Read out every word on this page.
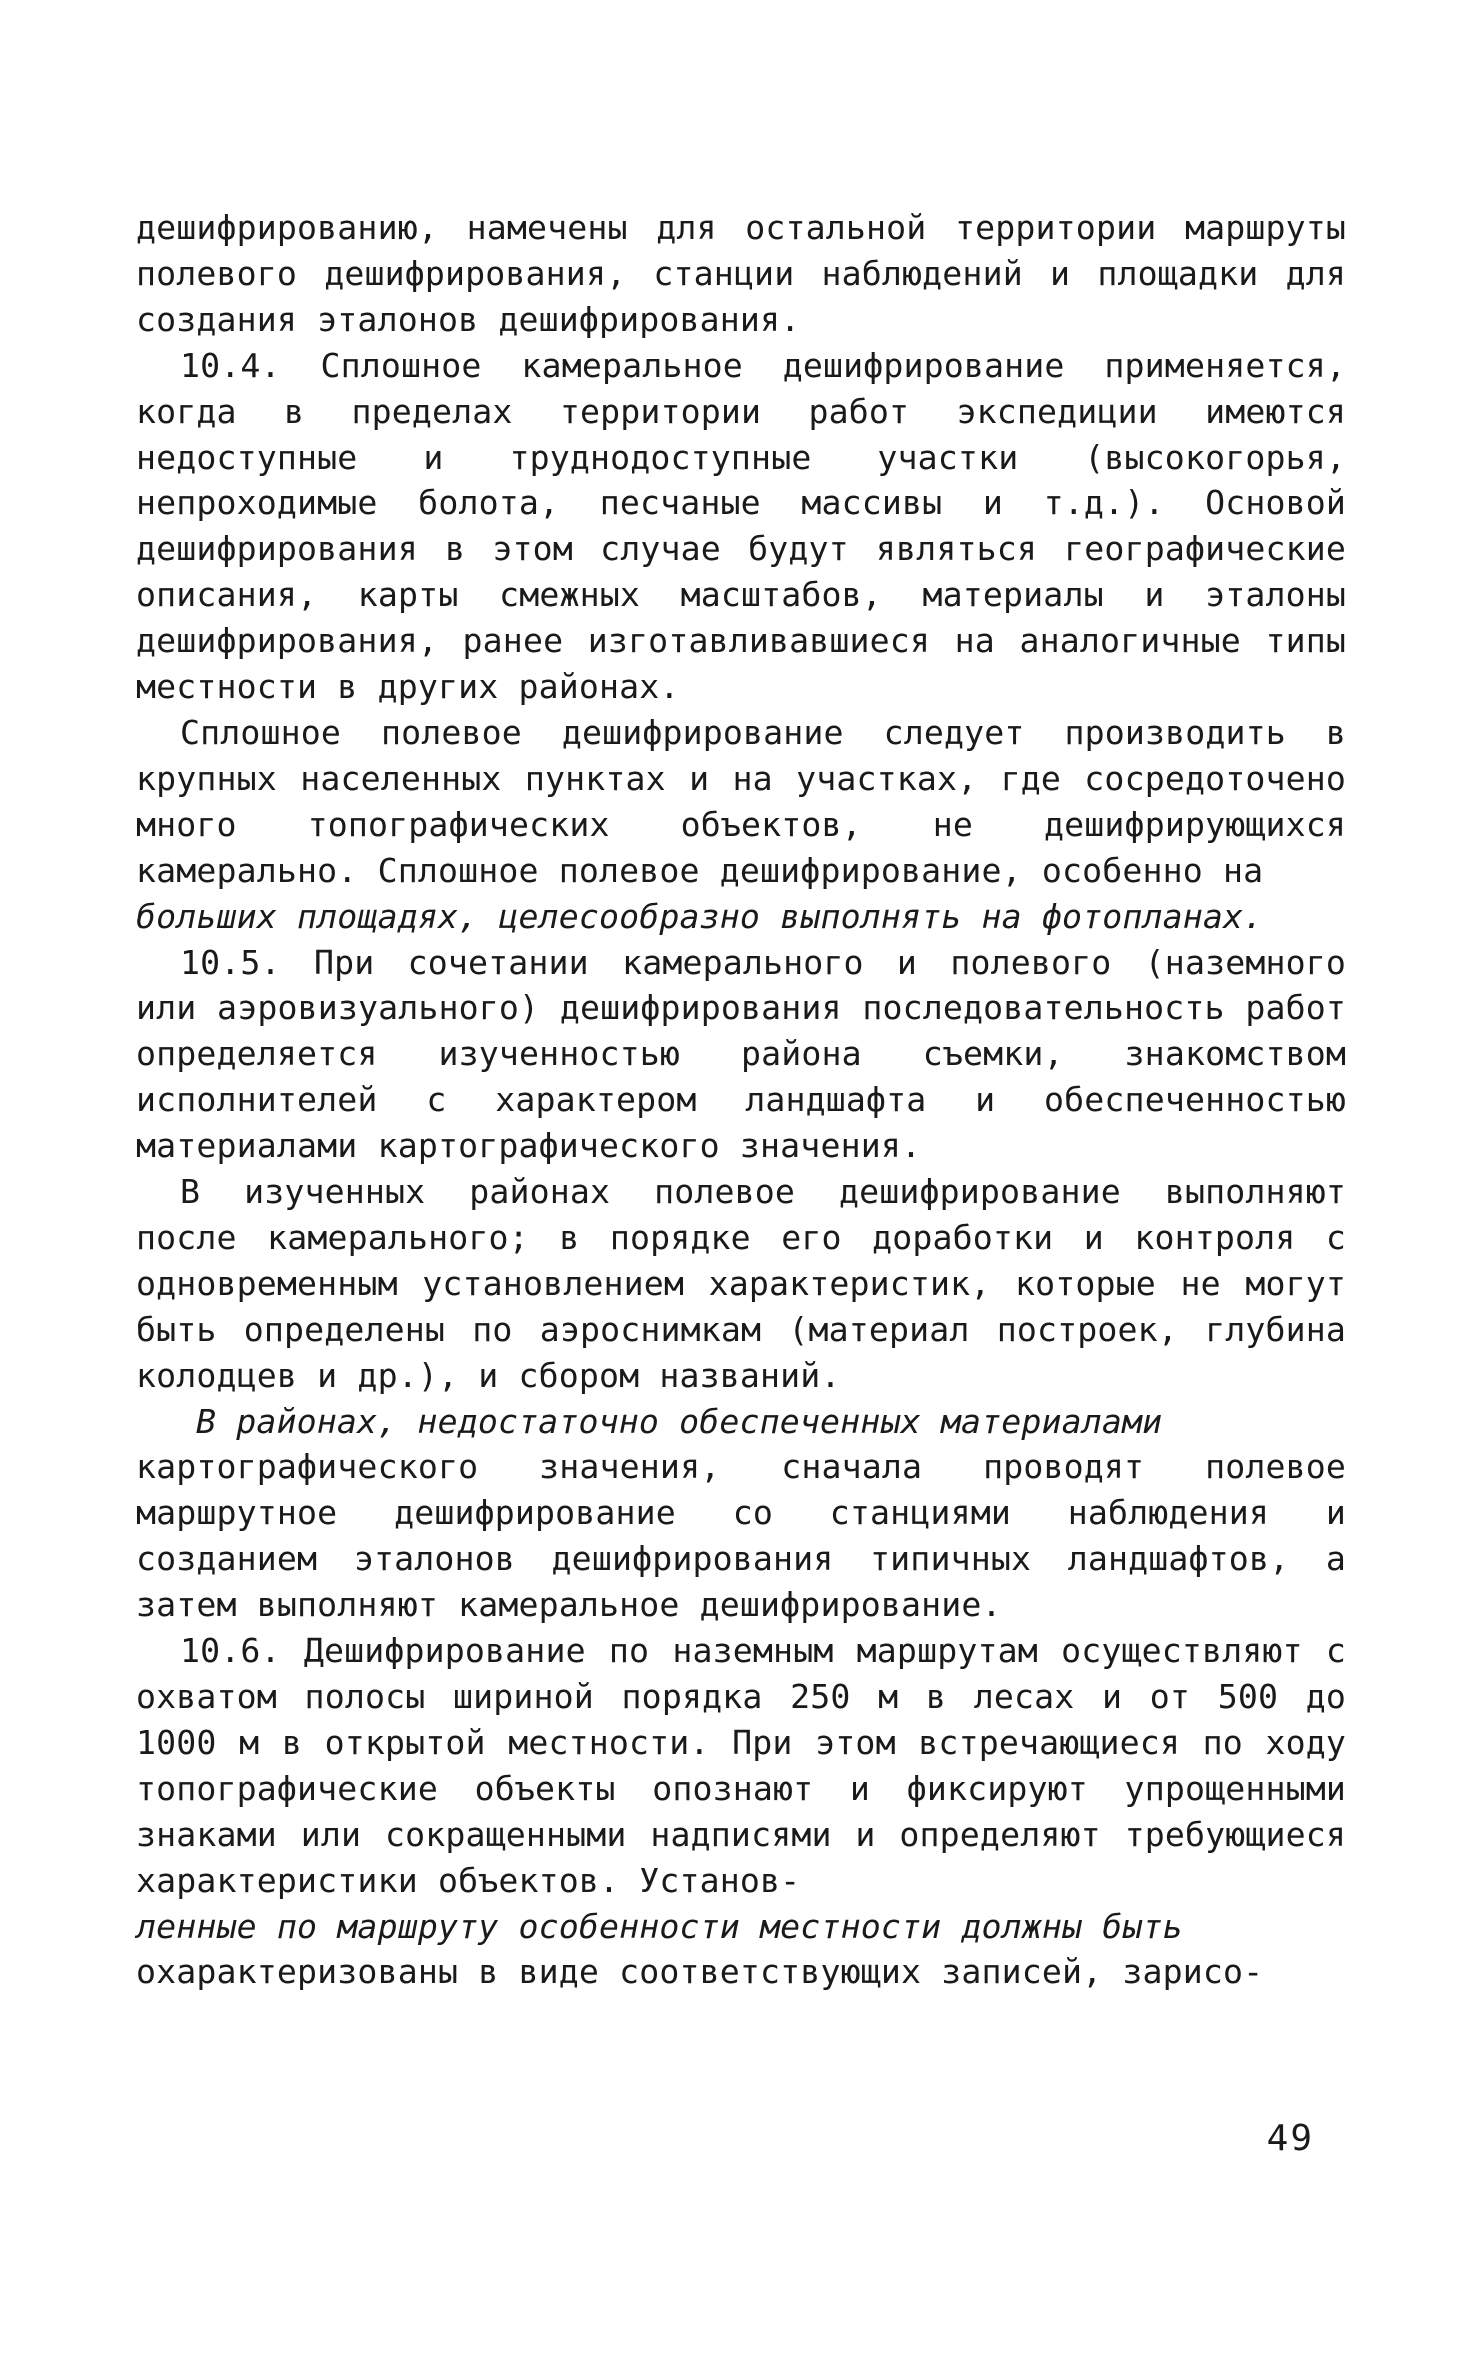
дешифрированию, намечены для остальной территории маршруты полевого дешифрирования, станции наблюдений и площадки для создания эталонов дешифрирования.

10.4. Сплошное камеральное дешифрирование применяется, когда в пределах территории работ экспедиции имеются недоступные и труднодоступные участки (высокогорья, непроходимые болота, песчаные массивы и т.д.). Основой дешифрирования в этом случае будут являться географические описания, карты смежных масштабов, материалы и эталоны дешифрирования, ранее изготавливавшиеся на аналогичные типы местности в других районах.

Сплошное полевое дешифрирование следует производить в крупных населенных пунктах и на участках, где сосредоточено много топографических объектов, не дешифрирующихся камерально. Сплошное полевое дешифрирование, особенно на

больших площадях, целесообразно выполнять на фотопланах.

10.5. При сочетании камерального и полевого (наземного или аэровизуального) дешифрирования последовательность работ определяется изученностью района съемки, знакомством исполнителей с характером ландшафта и обеспеченностью материалами картографического значения.

В изученных районах полевое дешифрирование выполняют после камерального; в порядке его доработки и контроля с одновременным установлением характеристик, которые не могут быть определены по аэроснимкам (материал построек, глубина колодцев и др.), и сбором названий.

В районах, недостаточно обеспеченных материалами

картографического значения, сначала проводят полевое маршрутное дешифрирование со станциями наблюдения и созданием эталонов дешифрирования типичных ландшафтов, а затем выполняют камеральное дешифрирование.

10.6. Дешифрирование по наземным маршрутам осуществляют с охватом полосы шириной порядка 250 м в лесах и от 500 до 1000 м в открытой местности. При этом встречающиеся по ходу топографические объекты опознают и фиксируют упрощенными знаками или сокращенными надписями и определяют требующиеся характеристики объектов. Установ-

ленные по маршруту особенности местности должны быть

охарактеризованы в виде соответствующих записей, зарисо-

49
